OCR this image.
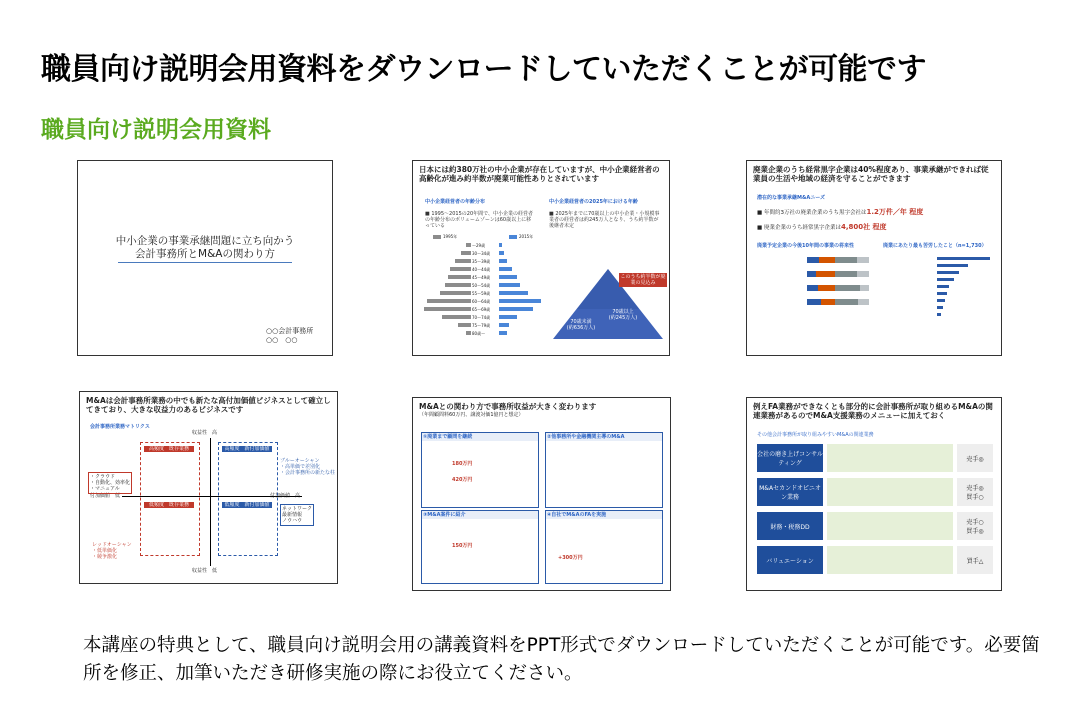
職員向け説明会用資料をダウンロードしていただくことが可能です
職員向け説明会用資料
中小企業の事業承継問題に立ち向かう
会計事務所とM&Aの関わり方
○○会計事務所
○○　○○
日本には約380万社の中小企業が存在していますが、中小企業経営者の高齢化が進み約半数が廃業可能性ありとされています
中小企業経営者の年齢分布	中小企業経営者の2025年における年齢
■ 1995〜2015の20年間で、中小企業の経営者の年齢分布のボリュームゾーンは60歳以上に移っている
■ 2025年までに70歳以上の中小企業・小規模事業者の経営者は約245万人となり、うち約半数が後継者未定
1995年	2015年
〜29歳
30〜34歳
35〜39歳
40〜44歳
45〜49歳
50〜54歳
55〜59歳
60〜64歳
65〜69歳
70〜74歳
75〜79歳
80歳〜
70歳未満
(約636万人)
70歳以上
(約245万人)
このうち約半数が廃業の見込み
廃業企業のうち経常黒字企業は40%程度あり、事業承継ができれば従業員の生活や地域の経済を守ることができます
潜在的な事業承継M&Aニーズ
■ 年間約3万社の廃業企業のうち黒字会社は1.2万件／年 程度
■ 廃業企業のうち経常黒字企業は4,800社 程度
廃業予定企業の今後10年間の事業の将来性	廃業にあたり最も苦労したこと（n=1,730）
M&Aは会計事務所業務の中でも新たな高付加価値ビジネスとして確立してきており、大きな収益力のあるビジネスです
会計事務所業務マトリクス
収益性　高
収益性　低
付加価値　低	付加価値　高
高頻度　既存業務	高頻度　新付加価値
低頻度　既存業務	低頻度　新付加価値
・クラウド
・自動化、効率化
・マニュアル
ブルーオーシャン
・高単価で差別化
・会計事務所の新たな柱
ネットワーク
最新情報
ノウハウ
レッドオーシャン
・低単価化
・競争激化
M&Aとの関わり方で事務所収益が大きく変わります
（年間顧問料60万円、譲渡対価1億円と想定）
①廃業まで顧問を継続
180万円
420万円
②他事務所や金融機関主導のM&A
③M&A案件に紹介
150万円
④自社でM&AのFAを実施
+300万円
例えFA業務ができなくとも部分的に会計事務所が取り組めるM&Aの関連業務があるのでM&A支援業務のメニューに加えておく
その他会計事務所が取り組みやすいM&Aの関連業務
会社の磨き上げコンサルティング
売手◎
M&Aセカンドオピニオン業務
売手◎
買手○
財務・税務DD
売手○
買手◎
バリュエーション	買手△
本講座の特典として、職員向け説明会用の講義資料をPPT形式でダウンロードしていただくことが可能です。必要箇所を修正、加筆いただき研修実施の際にお役立てください。
